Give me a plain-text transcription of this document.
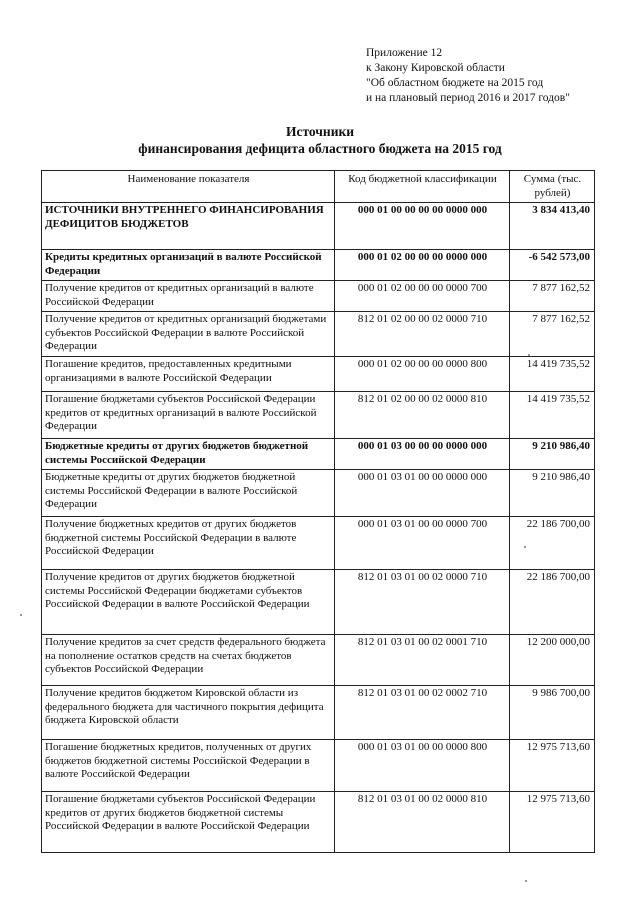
Приложение 12
к Закону Кировской области
"Об областном бюджете на 2015 год
и на плановый период 2016 и 2017 годов"
Источники
финансирования дефицита областного бюджета на 2015 год
Наименование показателя	Код бюджетной классификации	Сумма (тыс. рублей)
ИСТОЧНИКИ ВНУТРЕННЕГО ФИНАНСИРОВАНИЯ ДЕФИЦИТОВ БЮДЖЕТОВ	000 01 00 00 00 00 0000 000	3 834 413,40
Кредиты кредитных организаций в валюте Российской Федерации	000 01 02 00 00 00 0000 000	-6 542 573,00
Получение кредитов от кредитных организаций в валюте Российской Федерации	000 01 02 00 00 00 0000 700	7 877 162,52
Получение кредитов от кредитных организаций бюджетами субъектов Российской Федерации в валюте Российской Федерации	812 01 02 00 00 02 0000 710	7 877 162,52
Погашение кредитов, предоставленных кредитными организациями в валюте Российской Федерации	000 01 02 00 00 00 0000 800	14 419 735,52
Погашение бюджетами субъектов Российской Федерации кредитов от кредитных организаций в валюте Российской Федерации	812 01 02 00 00 02 0000 810	14 419 735,52
Бюджетные кредиты от других бюджетов бюджетной системы Российской Федерации	000 01 03 00 00 00 0000 000	9 210 986,40
Бюджетные кредиты от других бюджетов бюджетной системы Российской Федерации в валюте Российской Федерации	000 01 03 01 00 00 0000 000	9 210 986,40
Получение бюджетных кредитов от других бюджетов бюджетной системы Российской Федерации в валюте Российской Федерации	000 01 03 01 00 00 0000 700	22 186 700,00
Получение кредитов от других бюджетов бюджетной системы Российской Федерации бюджетами субъектов Российской Федерации в валюте Российской Федерации	812 01 03 01 00 02 0000 710	22 186 700,00
Получение кредитов за счет средств федерального бюджета на пополнение остатков средств на счетах бюджетов субъектов Российской Федерации	812 01 03 01 00 02 0001 710	12 200 000,00
Получение кредитов бюджетом Кировской области из федерального бюджета для частичного покрытия дефицита бюджета Кировской области	812 01 03 01 00 02 0002 710	9 986 700,00
Погашение бюджетных кредитов, полученных от других бюджетов бюджетной системы Российской Федерации в валюте Российской Федерации	000 01 03 01 00 00 0000 800	12 975 713,60
Погашение бюджетами субъектов Российской Федерации кредитов от других бюджетов бюджетной системы Российской Федерации в валюте Российской Федерации	812 01 03 01 00 02 0000 810	12 975 713,60
